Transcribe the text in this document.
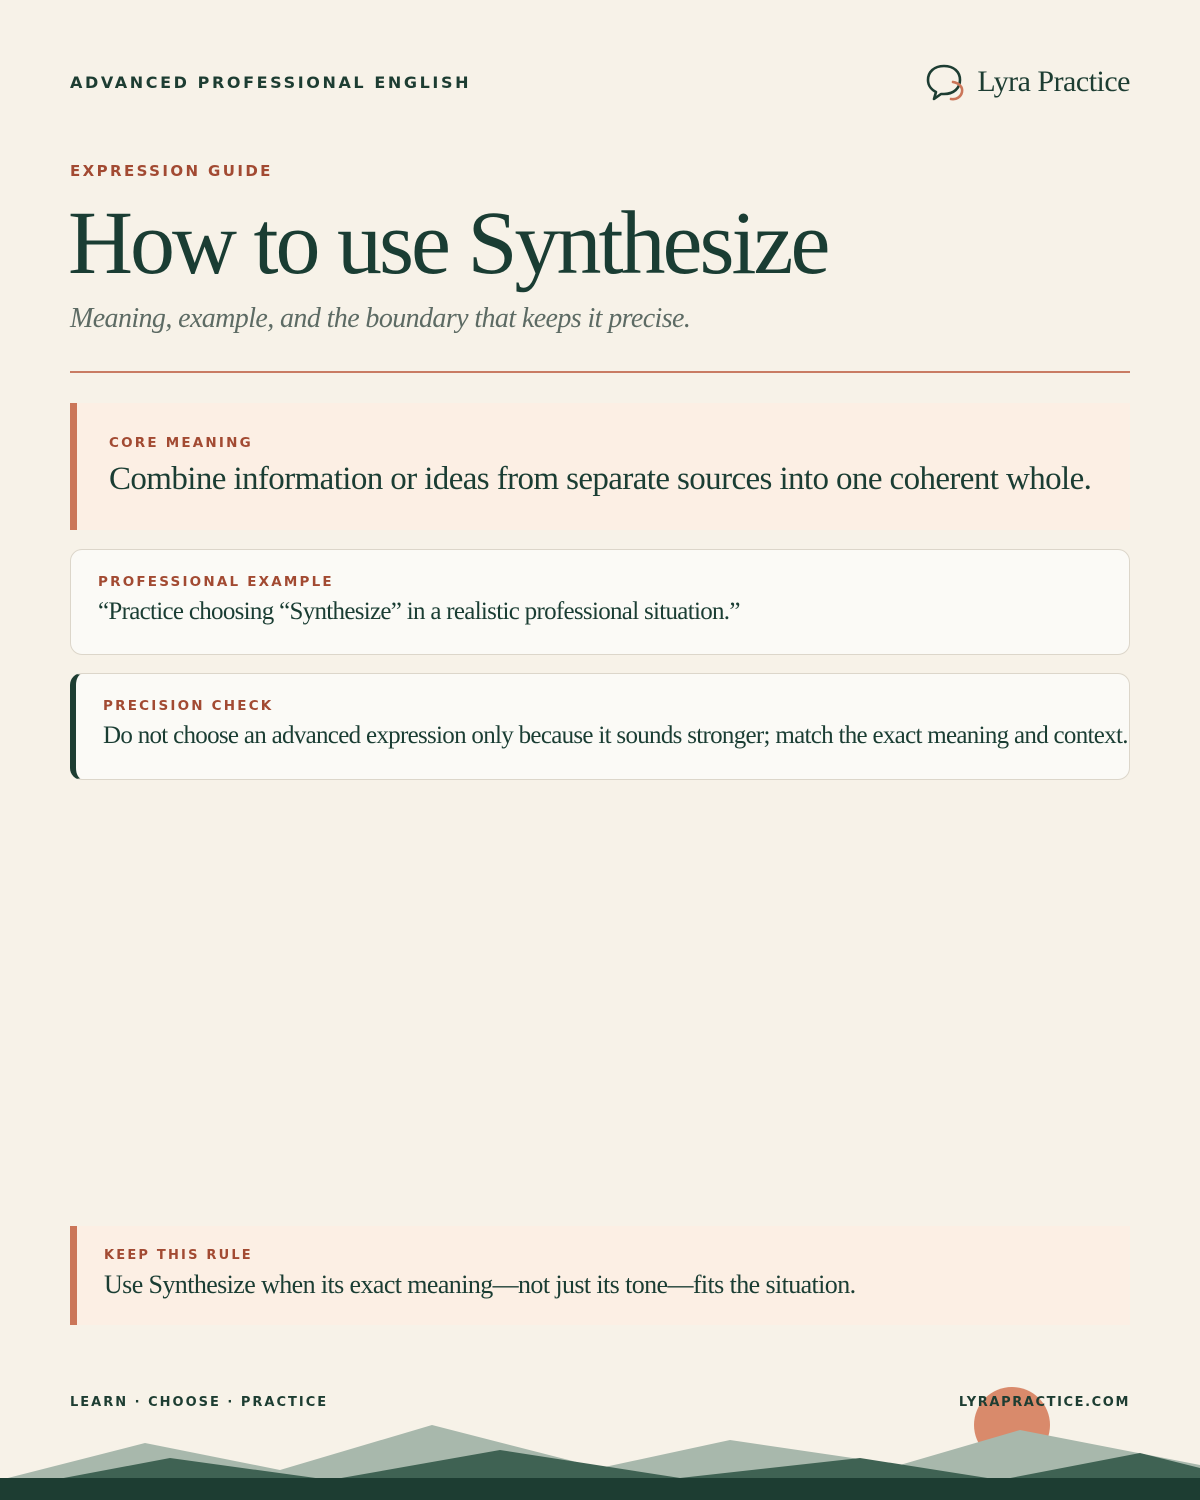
ADVANCED PROFESSIONAL ENGLISH	Lyra Practice
EXPRESSION GUIDE
How to use Synthesize
Meaning, example, and the boundary that keeps it precise.
CORE MEANING
Combine information or ideas from separate sources into one coherent whole.
PROFESSIONAL EXAMPLE
“Practice choosing “Synthesize” in a realistic professional situation.”
PRECISION CHECK
Do not choose an advanced expression only because it sounds stronger; match the exact meaning and context.
KEEP THIS RULE
Use Synthesize when its exact meaning—not just its tone—fits the situation.
LEARN · CHOOSE · PRACTICE	LYRAPRACTICE.COM
